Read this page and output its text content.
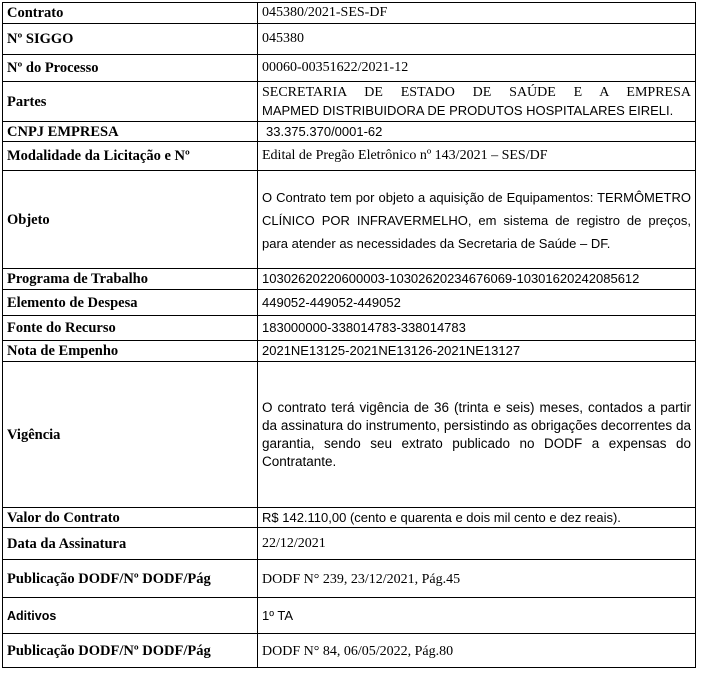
Contrato	045380/2021-SES-DF
Nº SIGGO	045380
Nº do Processo	00060-00351622/2021-12
Partes	SECRETARIA DE ESTADO DE SAÚDE E A EMPRESA
MAPMED DISTRIBUIDORA DE PRODUTOS HOSPITALARES EIRELI.

CNPJ EMPRESA	33.375.370/0001-62
Modalidade da Licitação e Nº	Edital de Pregão Eletrônico nº 143/2021 – SES/DF
Objeto	O Contrato tem por objeto a aquisição de Equipamentos: TERMÔMETRO CLÍNICO POR INFRAVERMELHO, em sistema de registro de preços, para atender as necessidades da Secretaria de Saúde – DF.
Programa de Trabalho	10302620220600003-10302620234676069-10301620242085612
Elemento de Despesa	449052-449052-449052
Fonte do Recurso	183000000-338014783-338014783
Nota de Empenho	2021NE13125-2021NE13126-2021NE13127
Vigência	O contrato terá vigência de 36 (trinta e seis) meses, contados a partir da assinatura do instrumento, persistindo as obrigações decorrentes da garantia, sendo seu extrato publicado no DODF a expensas do Contratante.
Valor do Contrato	R$ 142.110,00 (cento e quarenta e dois mil cento e dez reais).
Data da Assinatura	22/12/2021
Publicação DODF/Nº DODF/Pág	DODF N° 239, 23/12/2021, Pág.45
Aditivos	1º TA
Publicação DODF/Nº DODF/Pág	DODF N° 84, 06/05/2022, Pág.80
